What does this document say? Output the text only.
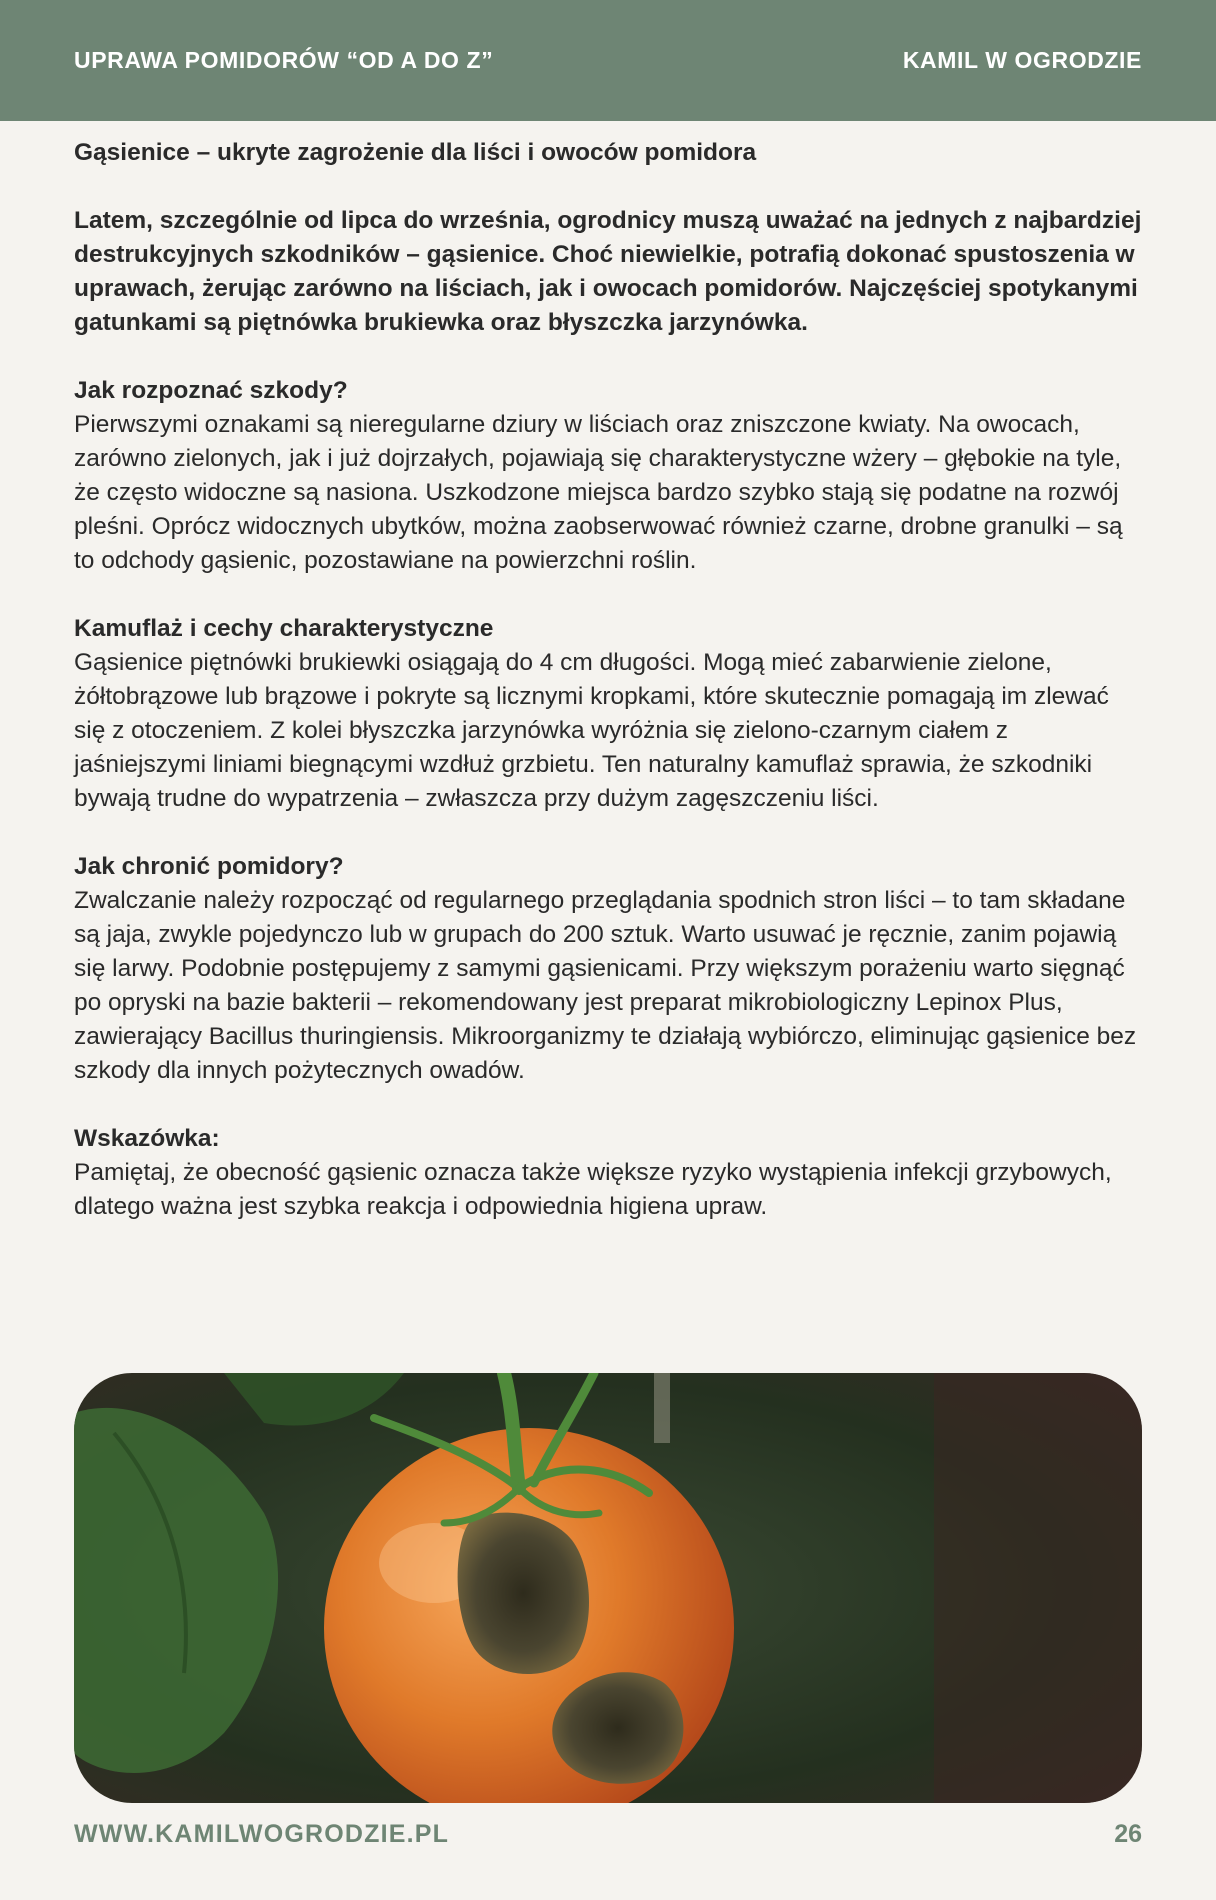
UPRAWA POMIDORÓW “OD A DO Z”	KAMIL W OGRODZIE

Gąsienice – ukryte zagrożenie dla liści i owoców pomidora

Latem, szczególnie od lipca do września, ogrodnicy muszą uważać na jednych z najbardziej destrukcyjnych szkodników – gąsienice. Choć niewielkie, potrafią dokonać spustoszenia w uprawach, żerując zarówno na liściach, jak i owocach pomidorów. Najczęściej spotykanymi gatunkami są piętnówka brukiewka oraz błyszczka jarzynówka.

Jak rozpoznać szkody?

Pierwszymi oznakami są nieregularne dziury w liściach oraz zniszczone kwiaty. Na owocach, zarówno zielonych, jak i już dojrzałych, pojawiają się charakterystyczne wżery – głębokie na tyle, że często widoczne są nasiona. Uszkodzone miejsca bardzo szybko stają się podatne na rozwój pleśni. Oprócz widocznych ubytków, można zaobserwować również czarne, drobne granulki – są to odchody gąsienic, pozostawiane na powierzchni roślin.

Kamuflaż i cechy charakterystyczne

Gąsienice piętnówki brukiewki osiągają do 4 cm długości. Mogą mieć zabarwienie zielone, żółtobrązowe lub brązowe i pokryte są licznymi kropkami, które skutecznie pomagają im zlewać się z otoczeniem. Z kolei błyszczka jarzynówka wyróżnia się zielono-czarnym ciałem z jaśniejszymi liniami biegnącymi wzdłuż grzbietu. Ten naturalny kamuflaż sprawia, że szkodniki bywają trudne do wypatrzenia – zwłaszcza przy dużym zagęszczeniu liści.

Jak chronić pomidory?

Zwalczanie należy rozpocząć od regularnego przeglądania spodnich stron liści – to tam składane są jaja, zwykle pojedynczo lub w grupach do 200 sztuk. Warto usuwać je ręcznie, zanim pojawią się larwy. Podobnie postępujemy z samymi gąsienicami. Przy większym porażeniu warto sięgnąć po opryski na bazie bakterii – rekomendowany jest preparat mikrobiologiczny Lepinox Plus, zawierający Bacillus thuringiensis. Mikroorganizmy te działają wybiórczo, eliminując gąsienice bez szkody dla innych pożytecznych owadów.

Wskazówka:

Pamiętaj, że obecność gąsienic oznacza także większe ryzyko wystąpienia infekcji grzybowych, dlatego ważna jest szybka reakcja i odpowiednia higiena upraw.

WWW.KAMILWOGRODZIE.PL	26
